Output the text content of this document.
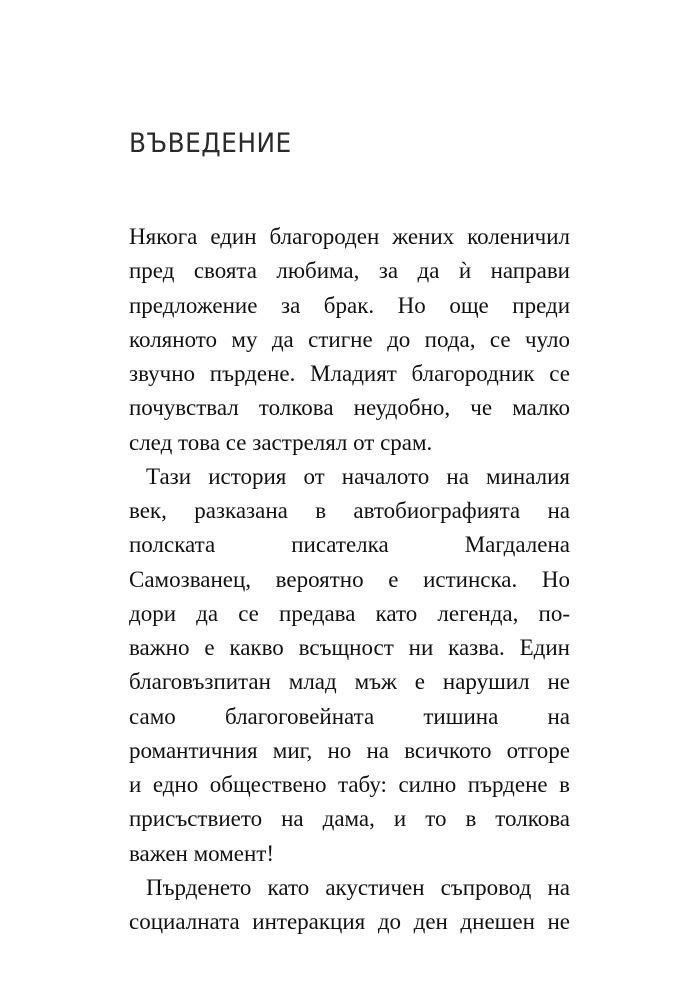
ВЪВЕДЕНИЕ
Някога един благороден жених коленичил
пред своята любима, за да ѝ направи
предложение за брак. Но още преди
коляното му да стигне до пода, се чуло
звучно пърдене. Младият благородник се
почувствал толкова неудобно, че малко
след това се застрелял от срам.
Тази история от началото на миналия
век, разказана в автобиографията на
полската писателка Магдалена
Самозванец, вероятно е истинска. Но
дори да се предава като легенда, по-
важно е какво всъщност ни казва. Един
благовъзпитан млад мъж е нарушил не
само благоговейната тишина на
романтичния миг, но на всичкото отгоре
и едно обществено табу: силно пърдене в
присъствието на дама, и то в толкова
важен момент!
Пърденето като акустичен съпровод на
социалната интеракция до ден днешен не
